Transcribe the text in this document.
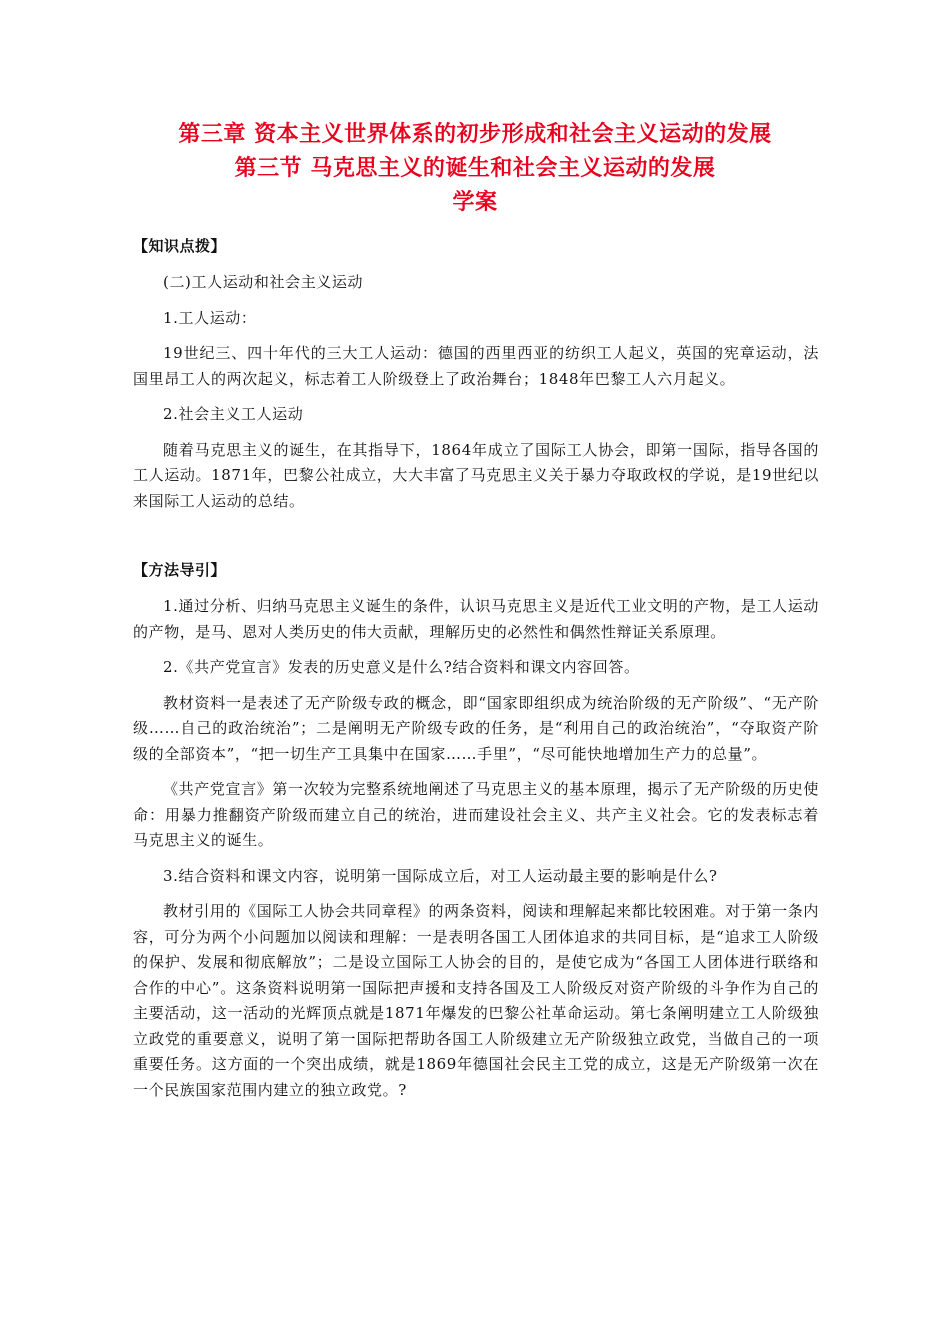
第三章 资本主义世界体系的初步形成和社会主义运动的发展
第三节 马克思主义的诞生和社会主义运动的发展
学案
【知识点拨】

(二)工人运动和社会主义运动

1.工人运动：

19世纪三、四十年代的三大工人运动：德国的西里西亚的纺织工人起义，英国的宪章运动，法国里昂工人的两次起义，标志着工人阶级登上了政治舞台；1848年巴黎工人六月起义。

2.社会主义工人运动

随着马克思主义的诞生，在其指导下，1864年成立了国际工人协会，即第一国际，指导各国的工人运动。1871年，巴黎公社成立，大大丰富了马克思主义关于暴力夺取政权的学说，是19世纪以来国际工人运动的总结。

【方法导引】

1.通过分析、归纳马克思主义诞生的条件，认识马克思主义是近代工业文明的产物，是工人运动的产物，是马、恩对人类历史的伟大贡献，理解历史的必然性和偶然性辩证关系原理。

2.《共产党宣言》发表的历史意义是什么?结合资料和课文内容回答。

教材资料一是表述了无产阶级专政的概念，即“国家即组织成为统治阶级的无产阶级”、“无产阶级……自己的政治统治”；二是阐明无产阶级专政的任务，是“利用自己的政治统治”，“夺取资产阶级的全部资本”，“把一切生产工具集中在国家……手里”，“尽可能快地增加生产力的总量”。

《共产党宣言》第一次较为完整系统地阐述了马克思主义的基本原理，揭示了无产阶级的历史使命：用暴力推翻资产阶级而建立自己的统治，进而建设社会主义、共产主义社会。它的发表标志着马克思主义的诞生。

3.结合资料和课文内容，说明第一国际成立后，对工人运动最主要的影响是什么?

教材引用的《国际工人协会共同章程》的两条资料，阅读和理解起来都比较困难。对于第一条内容，可分为两个小问题加以阅读和理解：一是表明各国工人团体追求的共同目标，是“追求工人阶级的保护、发展和彻底解放”；二是设立国际工人协会的目的，是使它成为“各国工人团体进行联络和合作的中心”。这条资料说明第一国际把声援和支持各国及工人阶级反对资产阶级的斗争作为自己的主要活动，这一活动的光辉顶点就是1871年爆发的巴黎公社革命运动。第七条阐明建立工人阶级独立政党的重要意义，说明了第一国际把帮助各国工人阶级建立无产阶级独立政党，当做自己的一项重要任务。这方面的一个突出成绩，就是1869年德国社会民主工党的成立，这是无产阶级第一次在一个民族国家范围内建立的独立政党。?
